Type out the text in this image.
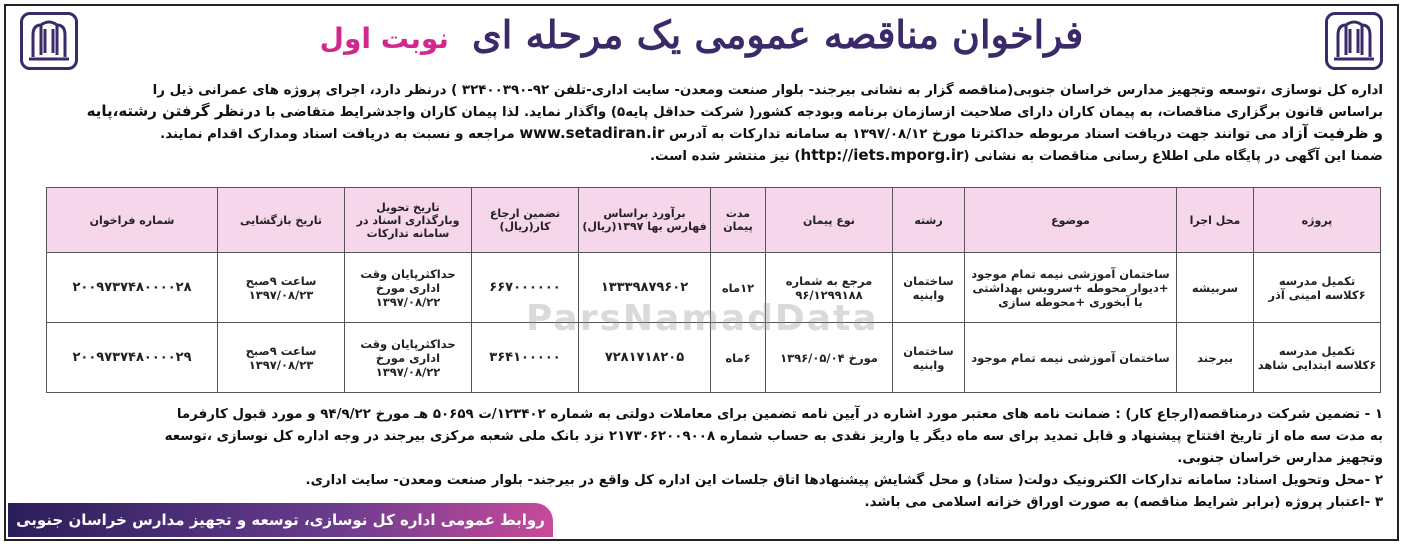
فراخوان مناقصه عمومی یک مرحله ای نوبت اول
اداره کل نوسازی ،توسعه وتجهیز مدارس خراسان جنوبی(مناقصه گزار به نشانی بیرجند- بلوار صنعت ومعدن- سایت اداری-تلفن ۹۲-۳۲۴۰۰۳۹۰ ) درنظر دارد، اجرای پروژه های عمرانی ذیل را
براساس قانون برگزاری مناقصات، به پیمان کاران دارای صلاحیت ازسازمان برنامه وبودجه کشور( شرکت حداقل پایه۵) واگذار نماید. لذا پیمان کاران واجدشرایط متقاضی با درنظر گرفتن رشته،پایه
و ظرفیت آزاد می توانند جهت دریافت اسناد مربوطه حداکثرتا مورخ ۱۳۹۷/۰۸/۱۲ به سامانه تدارکات به آدرس www.setadiran.ir مراجعه و نسبت به دریافت اسناد ومدارک اقدام نمایند.
ضمنا این آگهی در پایگاه ملی اطلاع رسانی مناقصات به نشانی (http://iets.mporg.ir) نیز منتشر شده است.
پروژه	محل اجرا	موضوع	رشته	نوع پیمان	مدت پیمان	برآورد براساس فهارس بها ۱۳۹۷(ریال)	تضمین ارجاع کار(ریال)	تاریخ تحویل وبارگذاری اسناد در سامانه تدارکات	تاریخ بازگشایی	شماره فراخوان
تکمیل مدرسه ۶کلاسه امینی آذر	سربیشه	ساختمان آموزشی نیمه تمام موجود +دیوار محوطه +سرویس بهداشتی با آبخوری +محوطه سازی	ساختمان وابنیه	مرجع به شماره ۹۶/۱۲۹۹۱۸۸	۱۲ماه	۱۳۳۳۹۸۷۹۶۰۲	۶۶۷۰۰۰۰۰۰	حداکثرپایان وقت اداری مورخ ۱۳۹۷/۰۸/۲۲	ساعت ۹صبح ۱۳۹۷/۰۸/۲۳	۲۰۰۹۷۳۷۴۸۰۰۰۰۲۸
تکمیل مدرسه ۶کلاسه ابتدایی شاهد	بیرجند	ساختمان آموزشی نیمه تمام موجود	ساختمان وابنیه	مورخ ۱۳۹۶/۰۵/۰۴	۶ماه	۷۲۸۱۷۱۸۲۰۵	۳۶۴۱۰۰۰۰۰	حداکثرپایان وقت اداری مورخ ۱۳۹۷/۰۸/۲۲	ساعت ۹صبح ۱۳۹۷/۰۸/۲۳	۲۰۰۹۷۳۷۴۸۰۰۰۰۲۹
ParsNamadData
۱ - تضمین شرکت درمناقصه(ارجاع کار) : ضمانت نامه های معتبر مورد اشاره در آیین نامه تضمین برای معاملات دولتی به شماره ۱۲۳۴۰۲/ت ۵۰۶۵۹ هـ مورخ ۹۴/۹/۲۲ و مورد قبول کارفرما
به مدت سه ماه از تاریخ افتتاح پیشنهاد و قابل تمدید برای سه ماه دیگر یا واریز نقدی به حساب شماره ۲۱۷۳۰۶۲۰۰۹۰۰۸ نزد بانک ملی شعبه مرکزی بیرجند در وجه اداره کل نوسازی ،توسعه
وتجهیز مدارس خراسان جنوبی.
۲ -محل وتحویل اسناد: سامانه تدارکات الکترونیک دولت( ستاد) و محل گشایش پیشنهادها اتاق جلسات این اداره کل واقع در بیرجند- بلوار صنعت ومعدن- سایت اداری.
۳ -اعتبار پروژه (برابر شرایط مناقصه) به صورت اوراق خزانه اسلامی می باشد.
روابط عمومی اداره کل نوسازی، توسعه و تجهیز مدارس خراسان جنوبی
